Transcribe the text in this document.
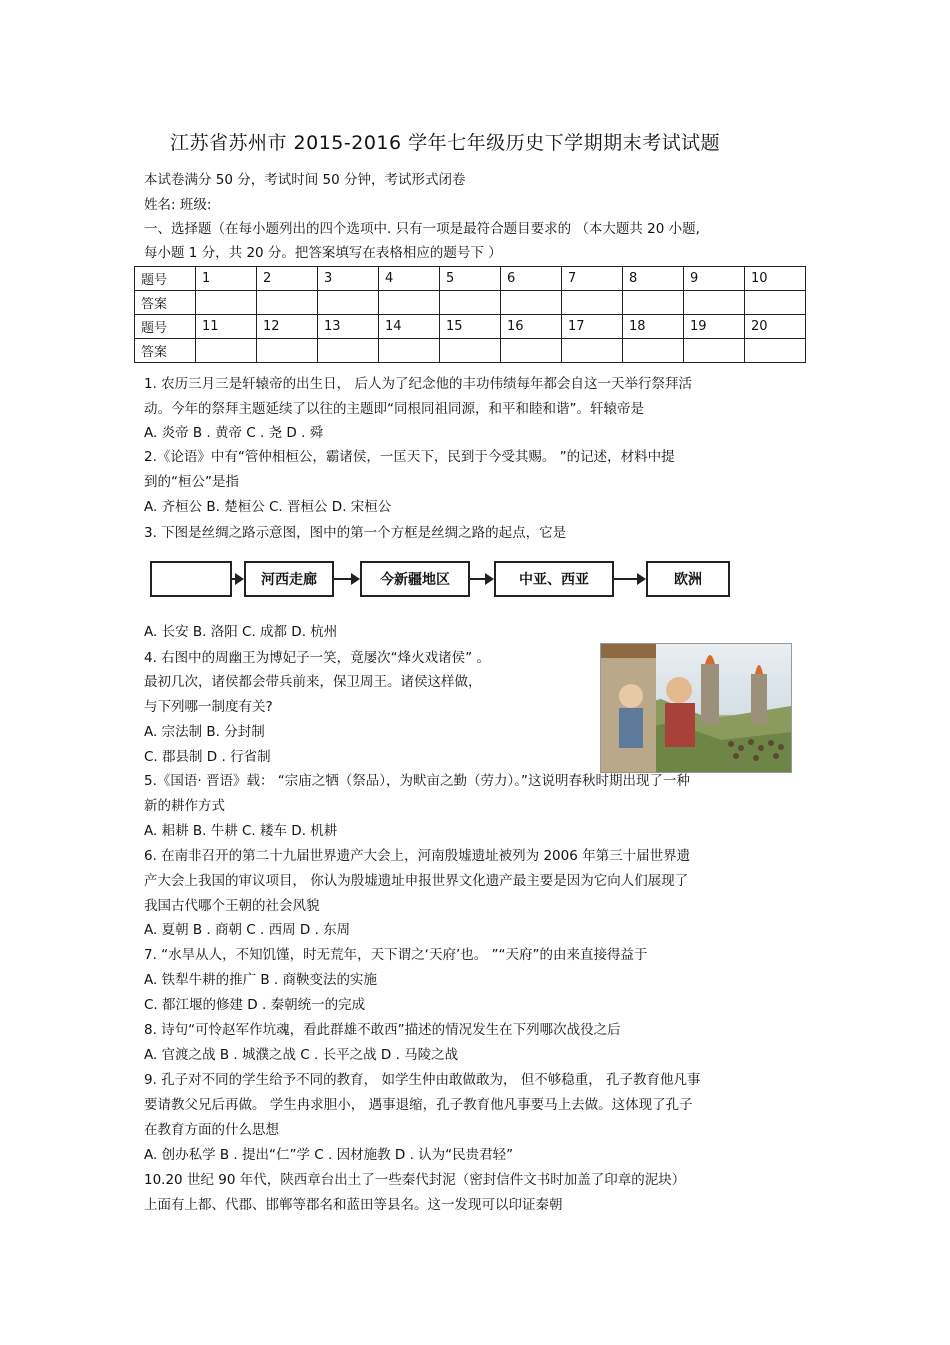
江苏省苏州市 2015-2016 学年七年级历史下学期期末考试试题
本试卷满分 50 分，考试时间 50 分钟，考试形式闭卷
姓名: 班级:
一、选择题（在每小题列出的四个选项中. 只有一项是最符合题目要求的 （本大题共 20 小题,
每小题 1 分，共 20 分。把答案填写在表格相应的题号下 ）
题号	1	2	3	4	5	6	7	8	9	10
答案										
题号	11	12	13	14	15	16	17	18	19	20
答案										
1. 农历三月三是轩辕帝的出生日， 后人为了纪念他的丰功伟绩每年都会自这一天举行祭拜活
动。今年的祭拜主题延续了以往的主题即“同根同祖同源，和平和睦和谐”。轩辕帝是
A. 炎帝 B . 黄帝 C . 尧 D . 舜
2.《论语》中有“管仲相桓公，霸诸侯，一匡天下，民到于今受其赐。 ”的记述，材料中提
到的“桓公”是指
A. 齐桓公 B. 楚桓公 C. 晋桓公 D. 宋桓公
3. 下图是丝绸之路示意图，图中的第一个方框是丝绸之路的起点，它是
河西走廊	今新疆地区	中亚、西亚	欧洲
A. 长安 B. 洛阳 C. 成都 D. 杭州
4. 右图中的周幽王为博妃子一笑，竟屡次“烽火戏诸侯” 。
最初几次，诸侯都会带兵前来，保卫周王。诸侯这样做，
与下列哪一制度有关?
A. 宗法制 B. 分封制
C. 郡县制 D . 行省制
5.《国语· 晋语》载： “宗庙之牺（祭品），为畎亩之勤（劳力）。”这说明春秋时期出现了一种
新的耕作方式
A. 耜耕 B. 牛耕 C. 耧车 D. 机耕
6. 在南非召开的第二十九届世界遗产大会上，河南殷墟遗址被列为 2006 年第三十届世界遗
产大会上我国的审议项目， 你认为殷墟遗址申报世界文化遗产最主要是因为它向人们展现了
我国古代哪个王朝的社会风貌
A. 夏朝 B . 商朝 C . 西周 D . 东周
7. “水旱从人，不知饥馑，时无荒年，天下谓之‘天府’也。 ”“天府”的由来直接得益于
A. 铁犁牛耕的推广 B . 商鞅变法的实施
C. 都江堰的修建 D . 秦朝统一的完成
8. 诗句“可怜赵军作坑魂，看此群雄不敢西”描述的情况发生在下列哪次战役之后
A. 官渡之战 B . 城濮之战 C . 长平之战 D . 马陵之战
9. 孔子对不同的学生给予不同的教育， 如学生仲由敢做敢为， 但不够稳重， 孔子教育他凡事
要请教父兄后再做。 学生冉求胆小， 遇事退缩，孔子教育他凡事要马上去做。这体现了孔子
在教育方面的什么思想
A. 创办私学 B . 提出“仁”学 C . 因材施教 D . 认为“民贵君轻”
10.20 世纪 90 年代，陕西章台出土了一些秦代封泥（密封信件文书时加盖了印章的泥块）
上面有上都、代郡、邯郸等郡名和蓝田等县名。这一发现可以印证秦朝
